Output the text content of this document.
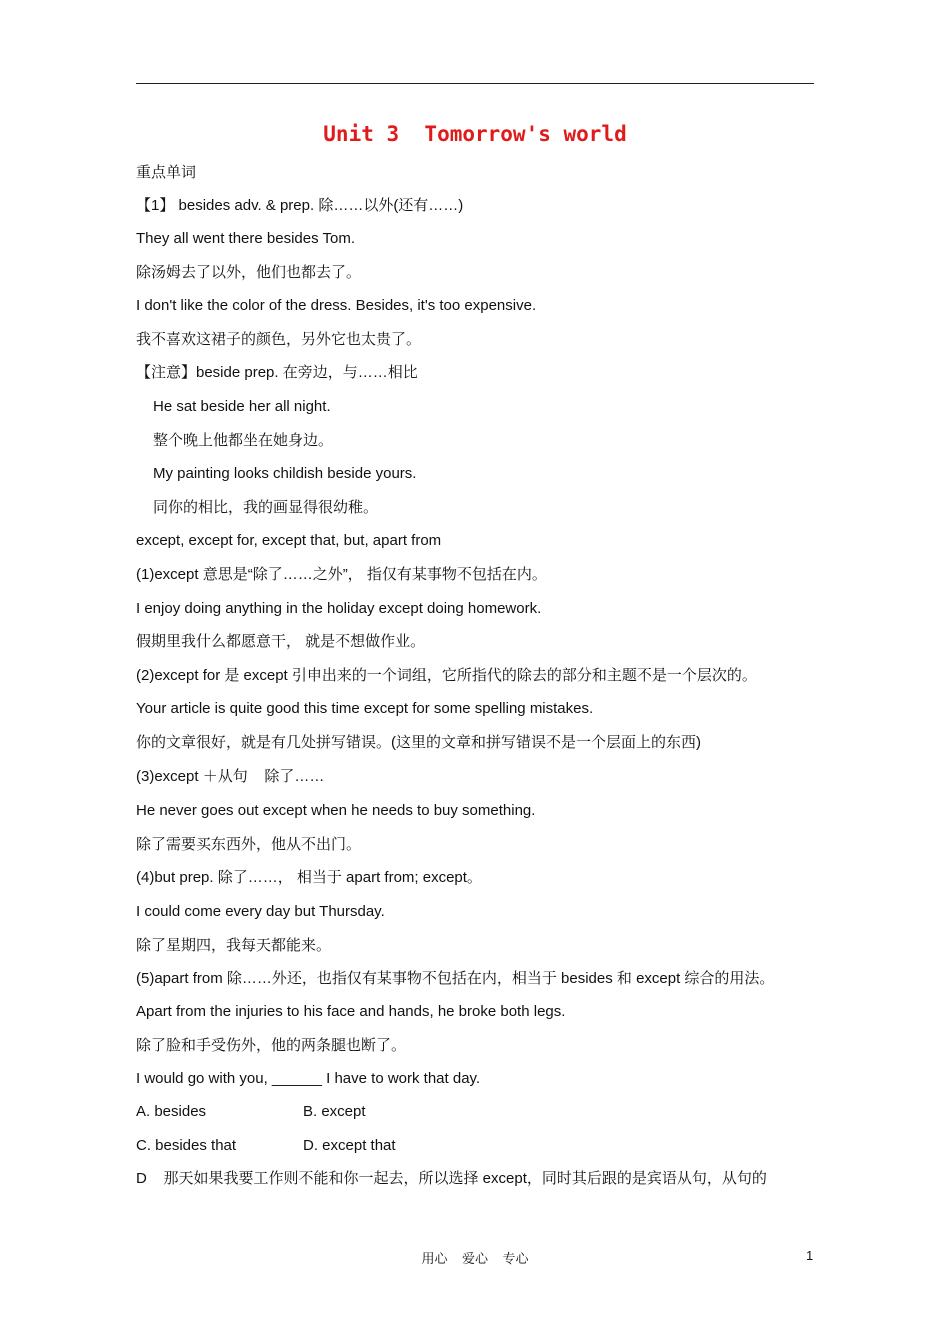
Unit 3  Tomorrow's world
重点单词
【1】 besides adv. & prep. 除……以外(还有……)
They all went there besides Tom.
除汤姆去了以外，他们也都去了。
I don't like the color of the dress. Besides, it's too expensive.
我不喜欢这裙子的颜色，另外它也太贵了。
【注意】beside prep. 在旁边，与……相比
He sat beside her all night.
整个晚上他都坐在她身边。
My painting looks childish beside yours.
同你的相比，我的画显得很幼稚。
except, except for, except that, but, apart from
(1)except 意思是“除了……之外”， 指仅有某事物不包括在内。
I enjoy doing anything in the holiday except doing homework.
假期里我什么都愿意干， 就是不想做作业。
(2)except for 是 except 引申出来的一个词组，它所指代的除去的部分和主题不是一个层次的。
Your article is quite good this time except for some spelling mistakes.
你的文章很好，就是有几处拼写错误。(这里的文章和拼写错误不是一个层面上的东西)
(3)except ＋从句    除了……
He never goes out except when he needs to buy something.
除了需要买东西外，他从不出门。
(4)but prep. 除了……， 相当于 apart from; except。
I could come every day but Thursday.
除了星期四，我每天都能来。
(5)apart from 除……外还，也指仅有某事物不包括在内，相当于 besides 和 except 综合的用法。
Apart from the injuries to his face and hands, he broke both legs.
除了脸和手受伤外，他的两条腿也断了。
I would go with you, ______ I have to work that day.
A. besides	B. except
C. besides that	D. except that
D    那天如果我要工作则不能和你一起去，所以选择 except，同时其后跟的是宾语从句，从句的
用心    爱心    专心	1
